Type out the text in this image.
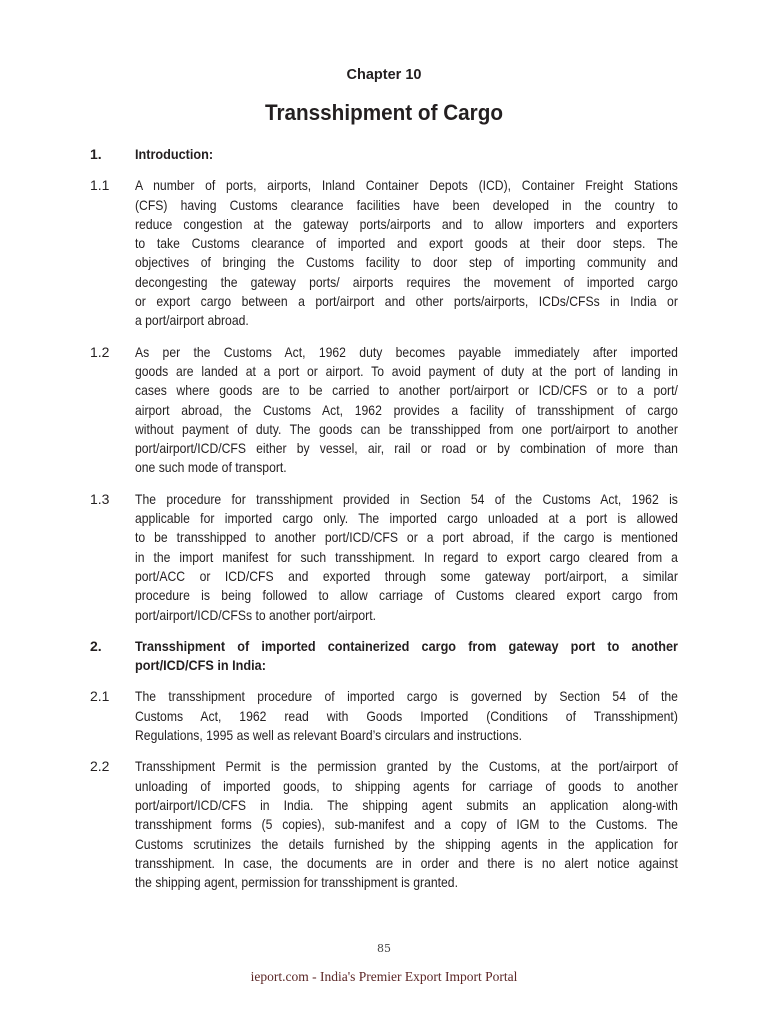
Chapter 10
Transshipment of Cargo
1. Introduction:
1.1 A number of ports, airports, Inland Container Depots (ICD), Container Freight Stations
(CFS) having Customs clearance facilities have been developed in the country to
reduce congestion at the gateway ports/airports and to allow importers and exporters
to take Customs clearance of imported and export goods at their door steps. The
objectives of bringing the Customs facility to door step of importing community and
decongesting the gateway ports/ airports requires the movement of imported cargo
or export cargo between a port/airport and other ports/airports, ICDs/CFSs in India or
a port/airport abroad.
1.2 As per the Customs Act, 1962 duty becomes payable immediately after imported
goods are landed at a port or airport. To avoid payment of duty at the port of landing in
cases where goods are to be carried to another port/airport or ICD/CFS or to a port/
airport abroad, the Customs Act, 1962 provides a facility of transshipment of cargo
without payment of duty. The goods can be transshipped from one port/airport to another
port/airport/ICD/CFS either by vessel, air, rail or road or by combination of more than
one such mode of transport.
1.3 The procedure for transshipment provided in Section 54 of the Customs Act, 1962 is
applicable for imported cargo only. The imported cargo unloaded at a port is allowed
to be transshipped to another port/ICD/CFS or a port abroad, if the cargo is mentioned
in the import manifest for such transshipment. In regard to export cargo cleared from a
port/ACC or ICD/CFS and exported through some gateway port/airport, a similar
procedure is being followed to allow carriage of Customs cleared export cargo from
port/airport/ICD/CFSs to another port/airport.
2. Transshipment of imported containerized cargo from gateway port to another
port/ICD/CFS in India:
2.1 The transshipment procedure of imported cargo is governed by Section 54 of the
Customs Act, 1962 read with Goods Imported (Conditions of Transshipment)
Regulations, 1995 as well as relevant Board’s circulars and instructions.
2.2 Transshipment Permit is the permission granted by the Customs, at the port/airport of
unloading of imported goods, to shipping agents for carriage of goods to another
port/airport/ICD/CFS in India. The shipping agent submits an application along-with
transshipment forms (5 copies), sub-manifest and a copy of IGM to the Customs. The
Customs scrutinizes the details furnished by the shipping agents in the application for
transshipment. In case, the documents are in order and there is no alert notice against
the shipping agent, permission for transshipment is granted.
85
ieport.com - India's Premier Export Import Portal
